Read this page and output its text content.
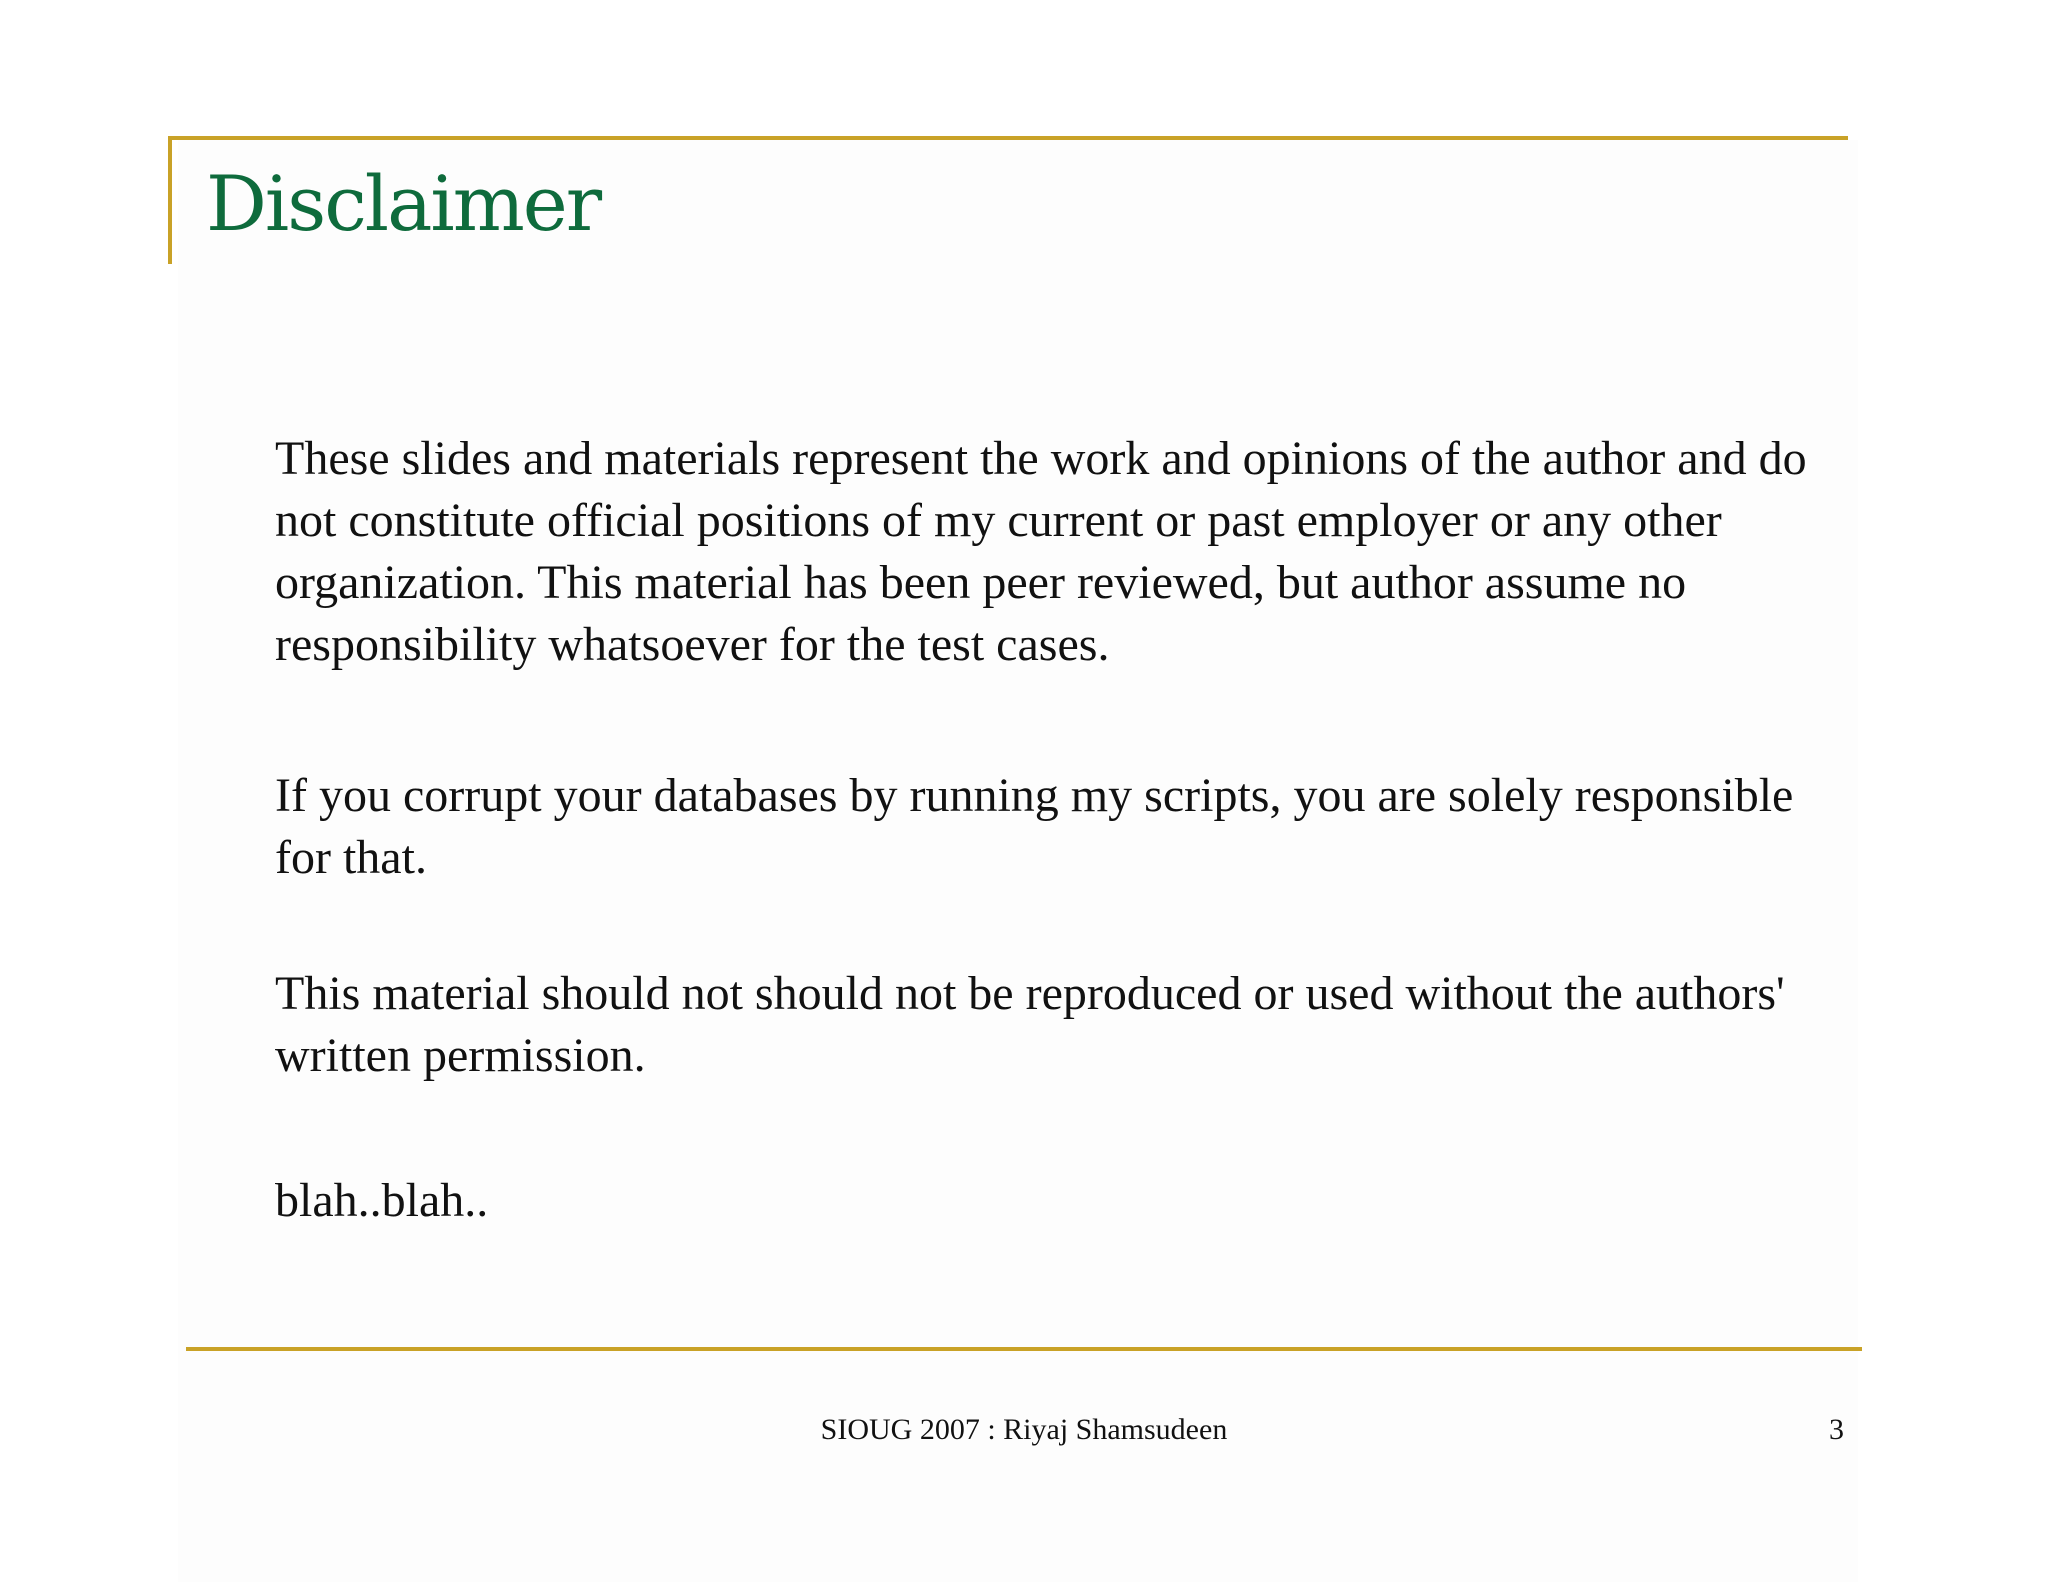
Disclaimer

These slides and materials represent the work and opinions of the author and do not constitute official positions of my current or past employer or any other organization. This material has been peer reviewed, but author assume no responsibility whatsoever for the test cases.

If you corrupt your databases by running my scripts, you are solely responsible for that.

This material should not should not be reproduced or used without the authors' written permission.

blah..blah..

SIOUG 2007 : Riyaj Shamsudeen	3
